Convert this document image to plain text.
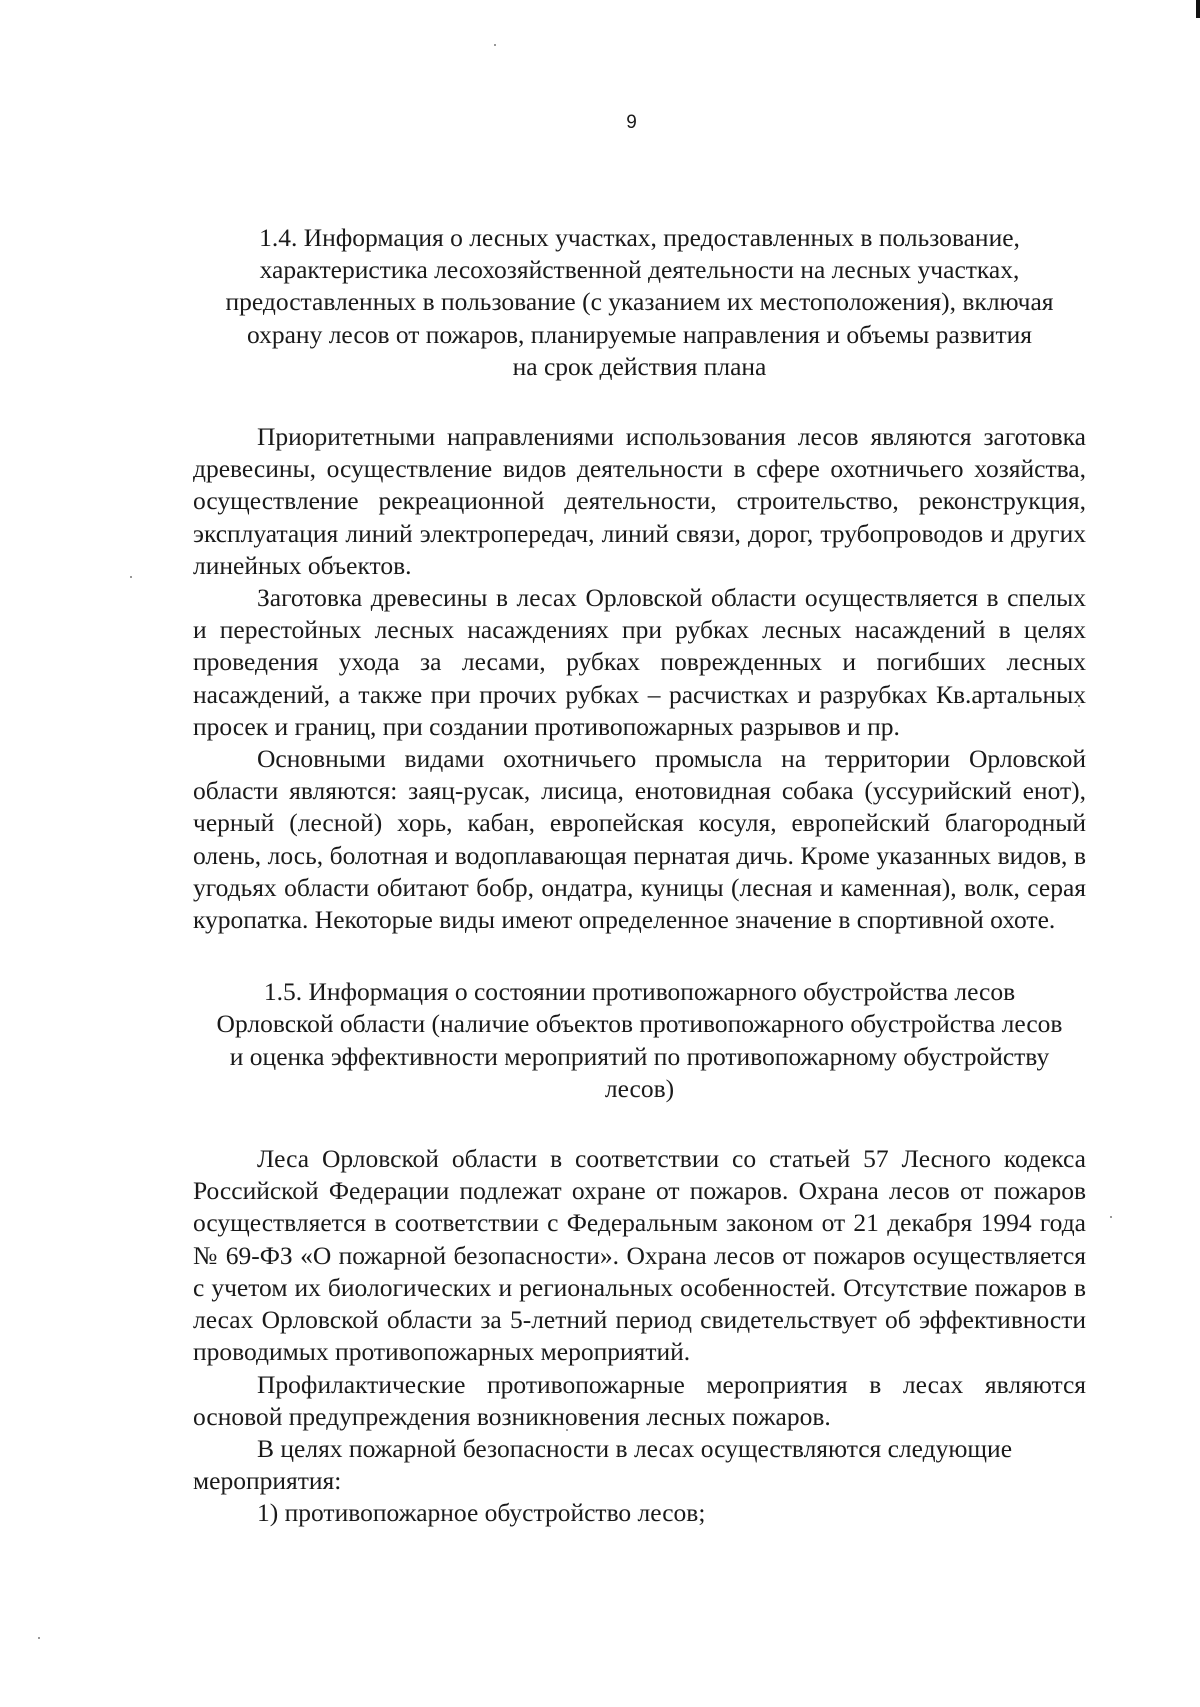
9
1.4. Информация о лесных участках, предоставленных в пользование,
характеристика лесохозяйственной деятельности на лесных участках,
предоставленных в пользование (с указанием их местоположения), включая
охрану лесов от пожаров, планируемые направления и объемы развития
на срок действия плана

Приоритетными направлениями использования лесов являются заготовка древесины, осуществление видов деятельности в сфере охотничьего хозяйства, осуществление рекреационной деятельности, строительство, реконструкция, эксплуатация линий электропередач, линий связи, дорог, трубопроводов и других линейных объектов.

Заготовка древесины в лесах Орловской области осуществляется в спелых и перестойных лесных насаждениях при рубках лесных насаждений в целях проведения ухода за лесами, рубках поврежденных и погибших лесных насаждений, а также при прочих рубках – расчистках и разрубках Кв.артальных просек и границ, при создании противопожарных разрывов и пр.

Основными видами охотничьего промысла на территории Орловской области являются: заяц-русак, лисица, енотовидная собака (уссурийский енот), черный (лесной) хорь, кабан, европейская косуля, европейский благородный олень, лось, болотная и водоплавающая пернатая дичь. Кроме указанных видов, в угодьях области обитают бобр, ондатра, куницы (лесная и каменная), волк, серая куропатка. Некоторые виды имеют определенное значение в спортивной охоте.

1.5. Информация о состоянии противопожарного обустройства лесов
Орловской области (наличие объектов противопожарного обустройства лесов
и оценка эффективности мероприятий по противопожарному обустройству
лесов)

Леса Орловской области в соответствии со статьей 57 Лесного кодекса Российской Федерации подлежат охране от пожаров. Охрана лесов от пожаров осуществляется в соответствии с Федеральным законом от 21 декабря 1994 года № 69-ФЗ «О пожарной безопасности». Охрана лесов от пожаров осуществляется с учетом их биологических и региональных особенностей. Отсутствие пожаров в лесах Орловской области за 5-летний период свидетельствует об эффективности проводимых противопожарных мероприятий.

Профилактические противопожарные мероприятия в лесах являются основой предупреждения возникновения лесных пожаров.

В целях пожарной безопасности в лесах осуществляются следующие мероприятия:

1) противопожарное обустройство лесов;
